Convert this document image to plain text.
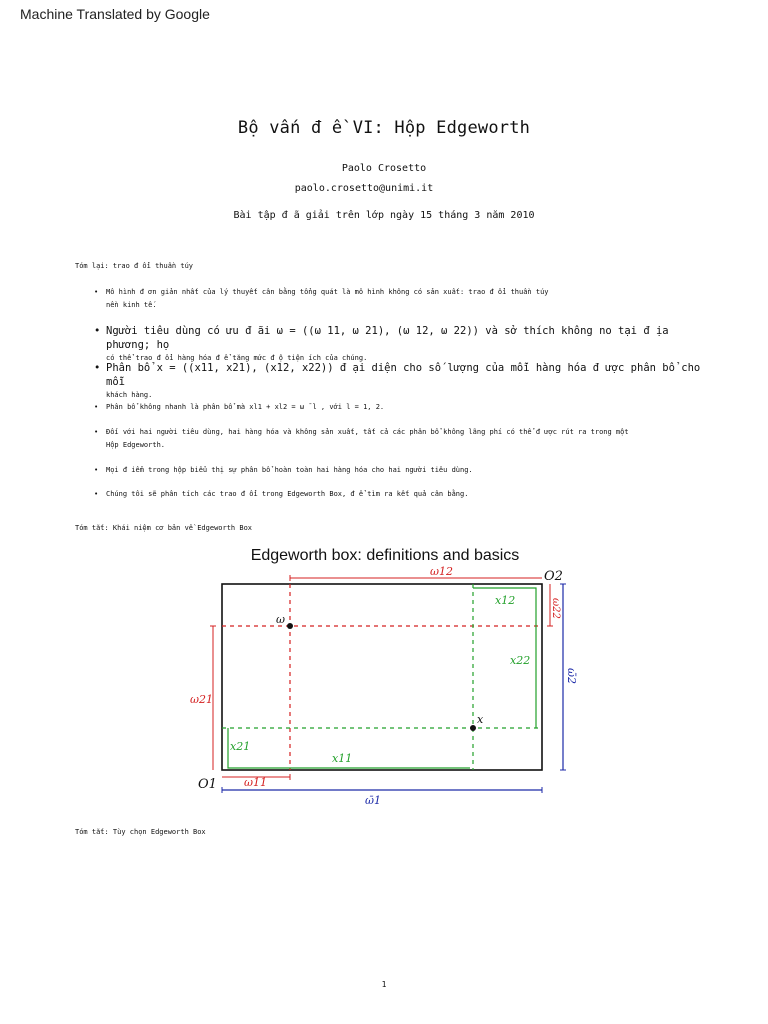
Machine Translated by Google
Bộ vấn đ ề VI: Hộp Edgeworth
Paolo Crosetto
paolo.crosetto@unimi.it
Bài tập đ ã giải trên lớp ngày 15 tháng 3 năm 2010
Tóm lại: trao đ ổi thuần túy
•	Mô hình đ ơn giản nhất của lý thuyết cân bằng tổng quát là mô hình không có sản xuất: trao đ ổi thuần túy
nền kinh tế.
• Người tiêu dùng có ưu đ ãi ω = ((ω 11, ω 21), (ω 12, ω 22)) và sở thích không no tại đ ịa phương; họ
có thể trao đ ổi hàng hóa đ ể tăng mức đ ộ tiện ích của chúng.
• Phân bổ x = ((x11, x21), (x12, x22)) đ ại diện cho số lượng của mỗi hàng hóa đ ược phân bổ cho mỗi
khách hàng.
•	Phân bổ không nhanh là phân bổ mà xl1 + xl2 = ω ¯l , với l = 1, 2.
•	Đối với hai người tiêu dùng, hai hàng hóa và không sản xuất, tất cả các phân bổ không lãng phí có thể đ ược rút ra trong một
Hộp Edgeworth.
•	Mọi đ iểm trong hộp biểu thị sự phân bổ hoàn toàn hai hàng hóa cho hai người tiêu dùng.
•	Chúng tôi sẽ phân tích các trao đ ổi trong Edgeworth Box, đ ể tìm ra kết quả cân bằng.
Tóm tắt: Khái niệm cơ bản về Edgeworth Box
Edgeworth box: definitions and basics
ω
x
ω12
ω22
ω21
ω11
x12
x22
x21
x11
ω̄1
ω̄2
O1
O2
Tóm tắt: Tùy chọn Edgeworth Box
1
